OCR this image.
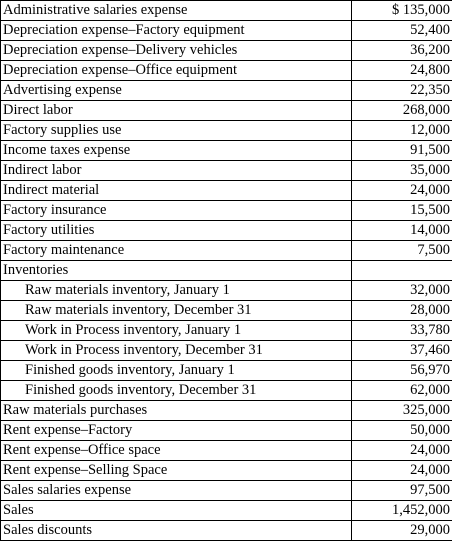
Administrative salaries expense	$ 135,000
Depreciation expense–Factory equipment	52,400
Depreciation expense–Delivery vehicles	36,200
Depreciation expense–Office equipment	24,800
Advertising expense	22,350
Direct labor	268,000
Factory supplies use	12,000
Income taxes expense	91,500
Indirect labor	35,000
Indirect material	24,000
Factory insurance	15,500
Factory utilities	14,000
Factory maintenance	7,500
Inventories	
Raw materials inventory, January 1	32,000
Raw materials inventory, December 31	28,000
Work in Process inventory, January 1	33,780
Work in Process inventory, December 31	37,460
Finished goods inventory, January 1	56,970
Finished goods inventory, December 31	62,000
Raw materials purchases	325,000
Rent expense–Factory	50,000
Rent expense–Office space	24,000
Rent expense–Selling Space	24,000
Sales salaries expense	97,500
Sales	1,452,000
Sales discounts	29,000
